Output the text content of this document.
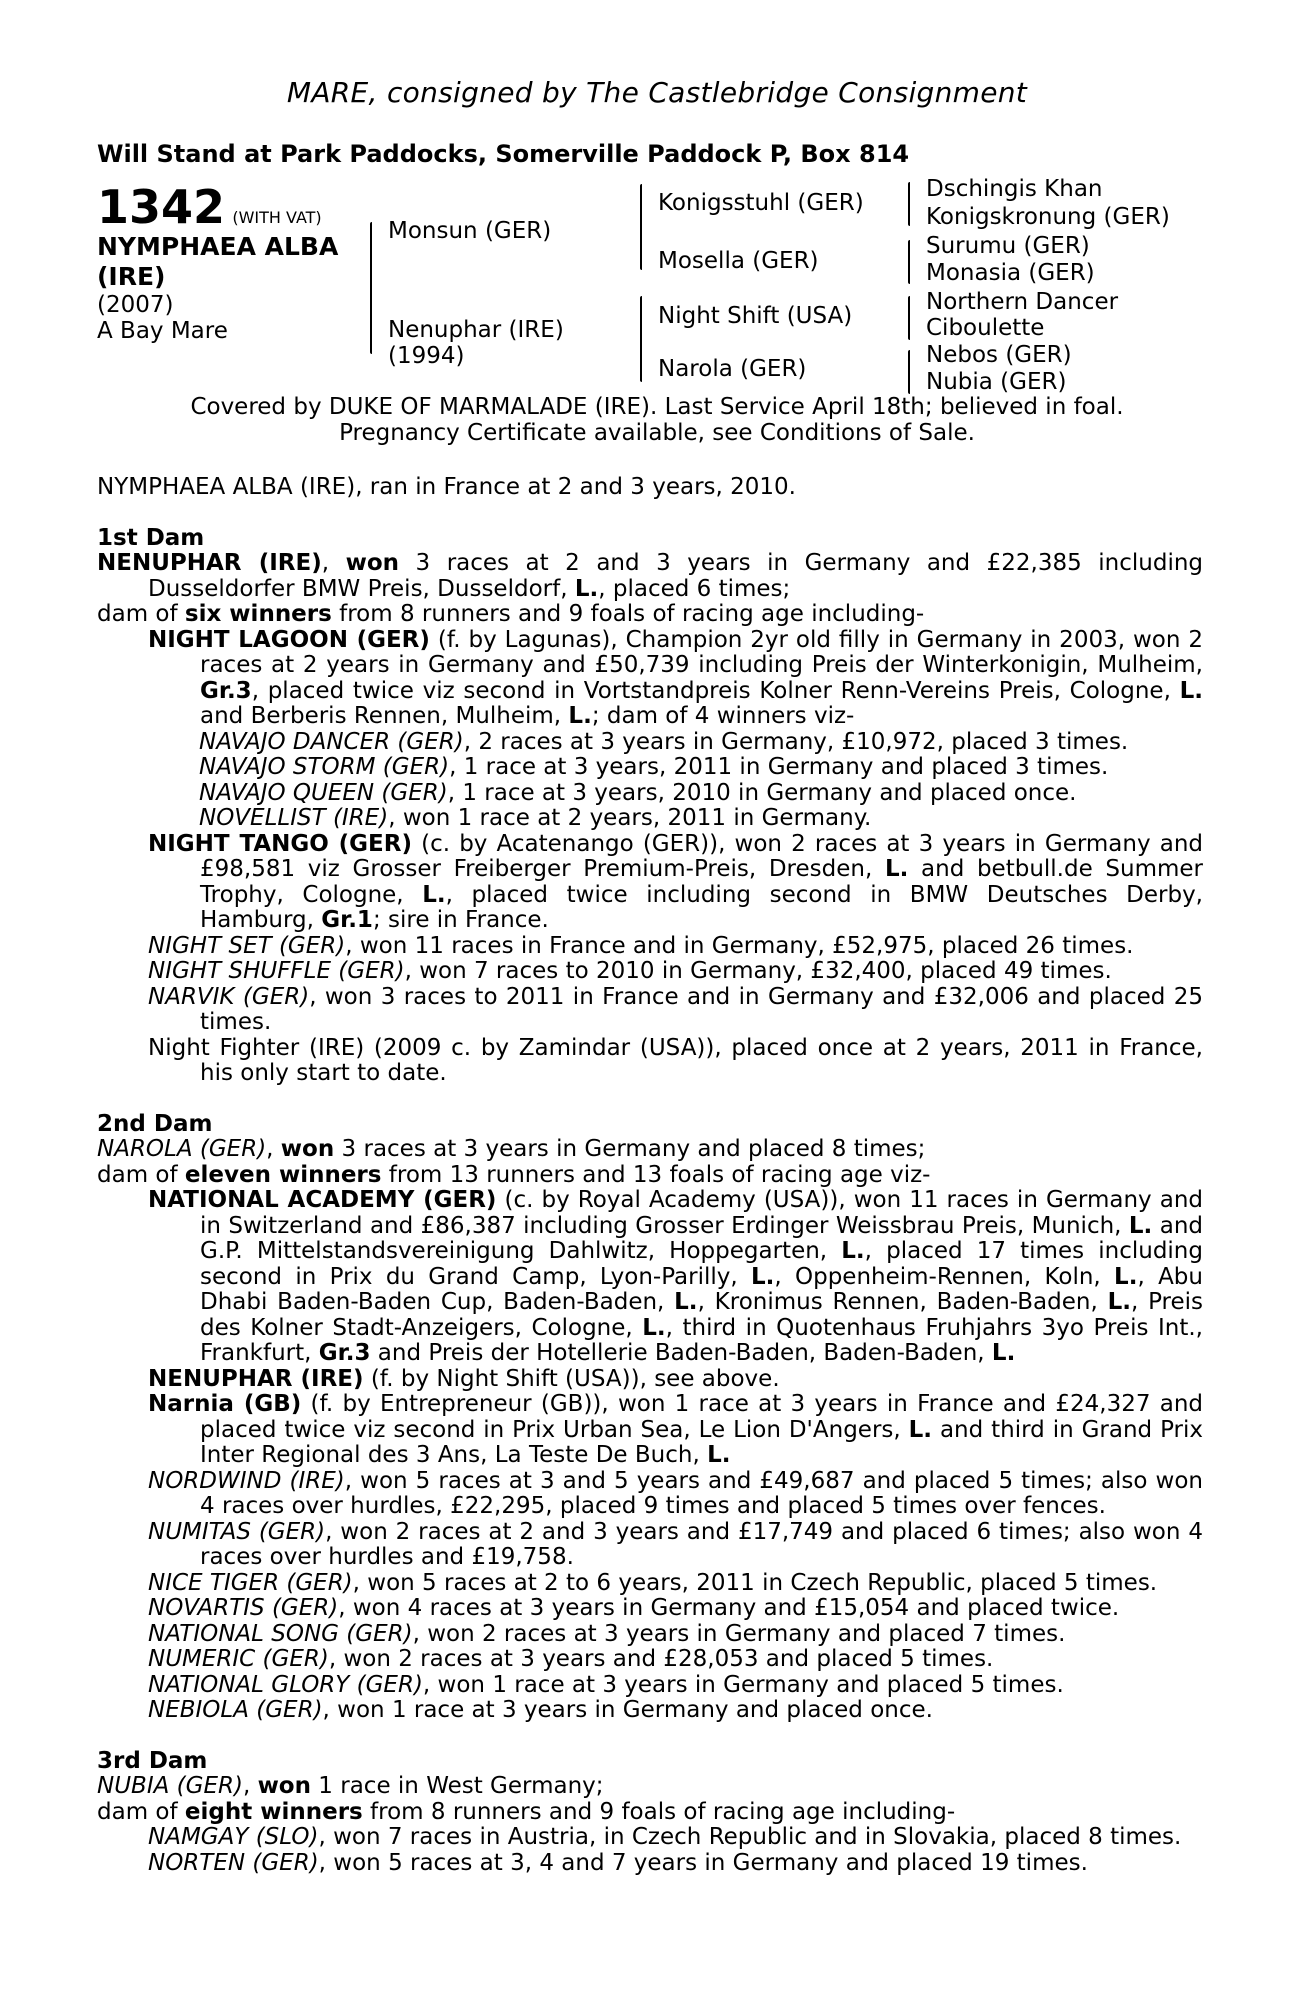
MARE, consigned by The Castlebridge Consignment
Will Stand at Park Paddocks, Somerville Paddock P, Box 814
1342 (WITH VAT)
NYMPHAEA ALBA
(IRE)
(2007)
A Bay Mare
Monsun (GER)
Nenuphar (IRE)
(1994)
Konigsstuhl (GER)
Mosella (GER)
Night Shift (USA)
Narola (GER)
Dschingis Khan
Konigskronung (GER)
Surumu (GER)
Monasia (GER)
Northern Dancer
Ciboulette
Nebos (GER)
Nubia (GER)
Covered by DUKE OF MARMALADE (IRE). Last Service April 18th; believed in foal.
Pregnancy Certificate available, see Conditions of Sale.

NYMPHAEA ALBA (IRE), ran in France at 2 and 3 years, 2010.

1st Dam

NENUPHAR (IRE), won 3 races at 2 and 3 years in Germany and £22,385 including Dusseldorfer BMW Preis, Dusseldorf, L., placed 6 times;

dam of six winners from 8 runners and 9 foals of racing age including-

NIGHT LAGOON (GER) (f. by Lagunas), Champion 2yr old filly in Germany in 2003, won 2 races at 2 years in Germany and £50,739 including Preis der Winterkonigin, Mulheim, Gr.3, placed twice viz second in Vortstandpreis Kolner Renn-Vereins Preis, Cologne, L. and Berberis Rennen, Mulheim, L.; dam of 4 winners viz-

NAVAJO DANCER (GER), 2 races at 3 years in Germany, £10,972, placed 3 times.

NAVAJO STORM (GER), 1 race at 3 years, 2011 in Germany and placed 3 times.

NAVAJO QUEEN (GER), 1 race at 3 years, 2010 in Germany and placed once.

NOVELLIST (IRE), won 1 race at 2 years, 2011 in Germany.

NIGHT TANGO (GER) (c. by Acatenango (GER)), won 2 races at 3 years in Germany and £98,581 viz Grosser Freiberger Premium-Preis, Dresden, L. and betbull.de Summer Trophy, Cologne, L., placed twice including second in BMW Deutsches Derby, Hamburg, Gr.1; sire in France.

NIGHT SET (GER), won 11 races in France and in Germany, £52,975, placed 26 times.

NIGHT SHUFFLE (GER), won 7 races to 2010 in Germany, £32,400, placed 49 times.

NARVIK (GER), won 3 races to 2011 in France and in Germany and £32,006 and placed 25 times.

Night Fighter (IRE) (2009 c. by Zamindar (USA)), placed once at 2 years, 2011 in France, his only start to date.

2nd Dam

NAROLA (GER), won 3 races at 3 years in Germany and placed 8 times;

dam of eleven winners from 13 runners and 13 foals of racing age viz-

NATIONAL ACADEMY (GER) (c. by Royal Academy (USA)), won 11 races in Germany and in Switzerland and £86,387 including Grosser Erdinger Weissbrau Preis, Munich, L. and G.P. Mittelstandsvereinigung Dahlwitz, Hoppegarten, L., placed 17 times including second in Prix du Grand Camp, Lyon-Parilly, L., Oppenheim-Rennen, Koln, L., Abu Dhabi Baden-Baden Cup, Baden-Baden, L., Kronimus Rennen, Baden-Baden, L., Preis des Kolner Stadt-Anzeigers, Cologne, L., third in Quotenhaus Fruhjahrs 3yo Preis Int., Frankfurt, Gr.3 and Preis der Hotellerie Baden-Baden, Baden-Baden, L.

NENUPHAR (IRE) (f. by Night Shift (USA)), see above.

Narnia (GB) (f. by Entrepreneur (GB)), won 1 race at 3 years in France and £24,327 and placed twice viz second in Prix Urban Sea, Le Lion D'Angers, L. and third in Grand Prix Inter Regional des 3 Ans, La Teste De Buch, L.

NORDWIND (IRE), won 5 races at 3 and 5 years and £49,687 and placed 5 times; also won 4 races over hurdles, £22,295, placed 9 times and placed 5 times over fences.

NUMITAS (GER), won 2 races at 2 and 3 years and £17,749 and placed 6 times; also won 4 races over hurdles and £19,758.

NICE TIGER (GER), won 5 races at 2 to 6 years, 2011 in Czech Republic, placed 5 times.

NOVARTIS (GER), won 4 races at 3 years in Germany and £15,054 and placed twice.

NATIONAL SONG (GER), won 2 races at 3 years in Germany and placed 7 times.

NUMERIC (GER), won 2 races at 3 years and £28,053 and placed 5 times.

NATIONAL GLORY (GER), won 1 race at 3 years in Germany and placed 5 times.

NEBIOLA (GER), won 1 race at 3 years in Germany and placed once.

3rd Dam

NUBIA (GER), won 1 race in West Germany;

dam of eight winners from 8 runners and 9 foals of racing age including-

NAMGAY (SLO), won 7 races in Austria, in Czech Republic and in Slovakia, placed 8 times.

NORTEN (GER), won 5 races at 3, 4 and 7 years in Germany and placed 19 times.
